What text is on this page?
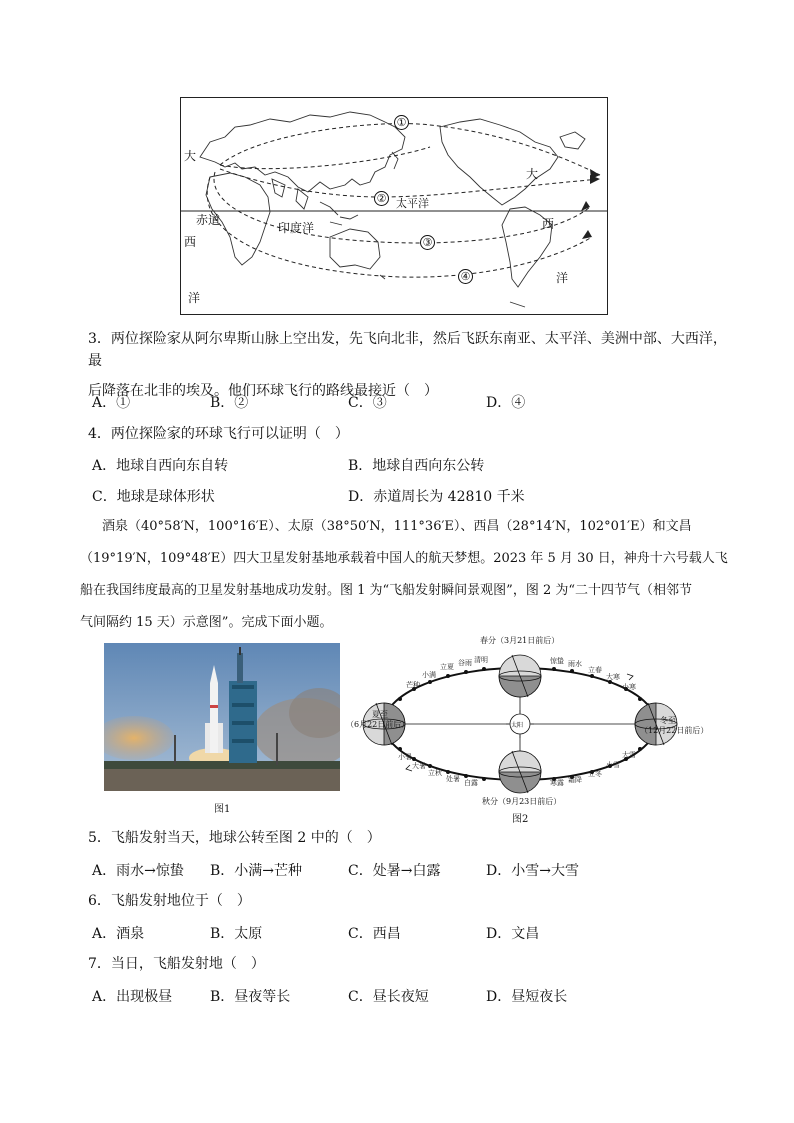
大
赤道
西
洋
印度洋
太平洋
大
西
洋
①
②
③
④
3．两位探险家从阿尔卑斯山脉上空出发，先飞向北非，然后飞跃东南亚、太平洋、美洲中部、大西洋，最
后降落在北非的埃及。他们环球飞行的路线最接近（　）
A．①	B．②	C．③	D．④
4．两位探险家的环球飞行可以证明（　）
A．地球自西向东自转	B．地球自西向东公转
C．地球是球体形状	D．赤道周长为 42810 千米
酒泉（40°58′N，100°16′E）、太原（38°50′N，111°36′E）、西昌（28°14′N，102°01′E）和文昌
（19°19′N，109°48′E）四大卫星发射基地承载着中国人的航天梦想。2023 年 5 月 30 日，神舟十六号载人飞
船在我国纬度最高的卫星发射基地成功发射。图 1 为“飞船发射瞬间景观图”，图 2 为“二十四节气（相邻节
气间隔约 15 天）示意图”。完成下面小题。
图1
春分（3月21日前后）
夏至
（6月22日前后）	冬至
（12月22日前后）
秋分（9月23日前后）
太阳
清明
谷雨
立夏
小满
芒种
惊蛰 雨水
立春
大寒
小寒
小暑
大暑
立秋
处暑 白露	寒露 霜降
立冬
小雪
大雪
图2
5．飞船发射当天，地球公转至图 2 中的（　）
A．雨水→惊蛰 B．小满→芒种	C．处暑→白露	D．小雪→大雪
6．飞船发射地位于（　）
A．酒泉	B．太原	C．西昌	D．文昌
7．当日，飞船发射地（　）
A．出现极昼	B．昼夜等长	C．昼长夜短	D．昼短夜长
